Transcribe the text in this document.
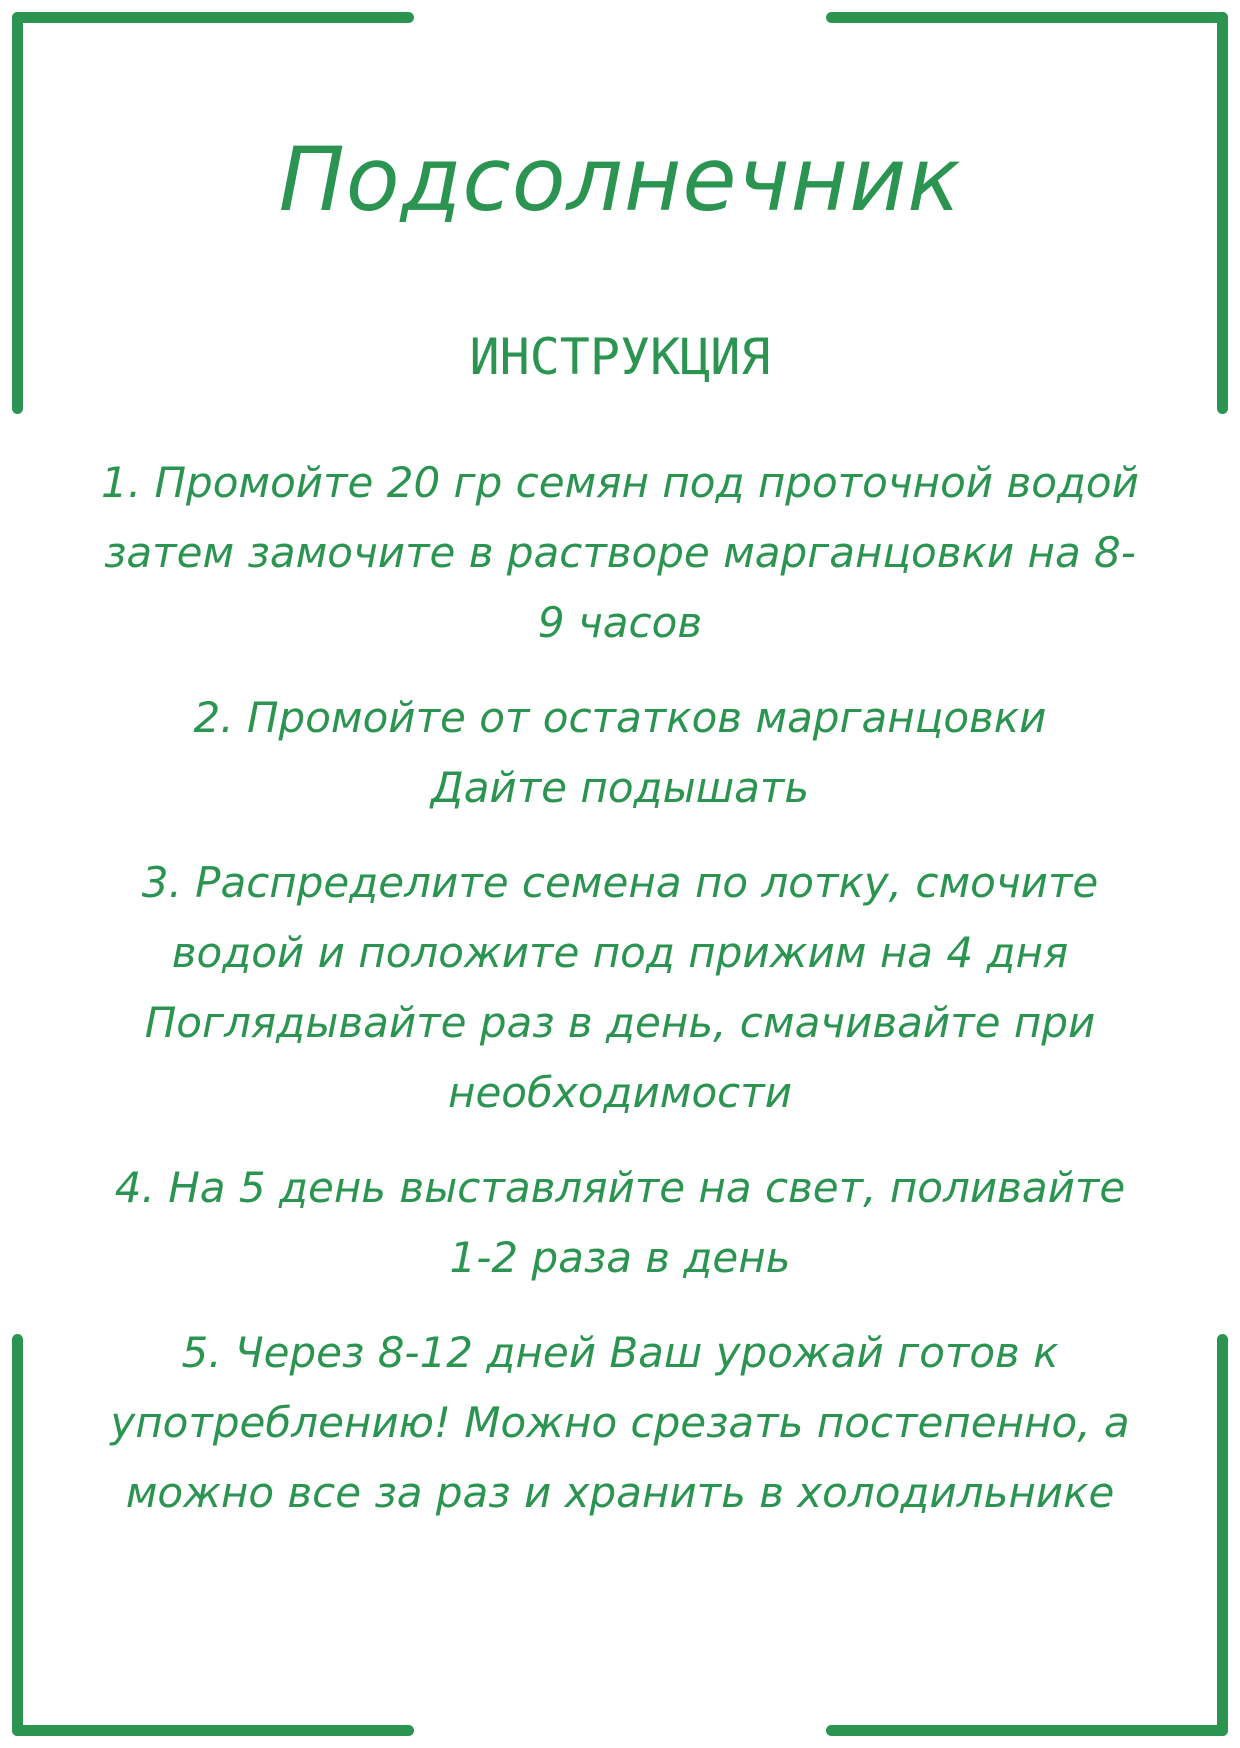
Подсолнечник
ИНСТРУКЦИЯ
1. Промойте 20 гр семян под проточной водой
затем замочите в растворе марганцовки на 8-
9 часов
2. Промойте от остатков марганцовки
Дайте подышать
3. Распределите семена по лотку, смочите
водой и положите под прижим на 4 дня
Поглядывайте раз в день, смачивайте при
необходимости
4. На 5 день выставляйте на свет, поливайте
1-2 раза в день
5. Через 8-12 дней Ваш урожай готов к
употреблению! Можно срезать постепенно, а
можно все за раз и хранить в холодильнике
